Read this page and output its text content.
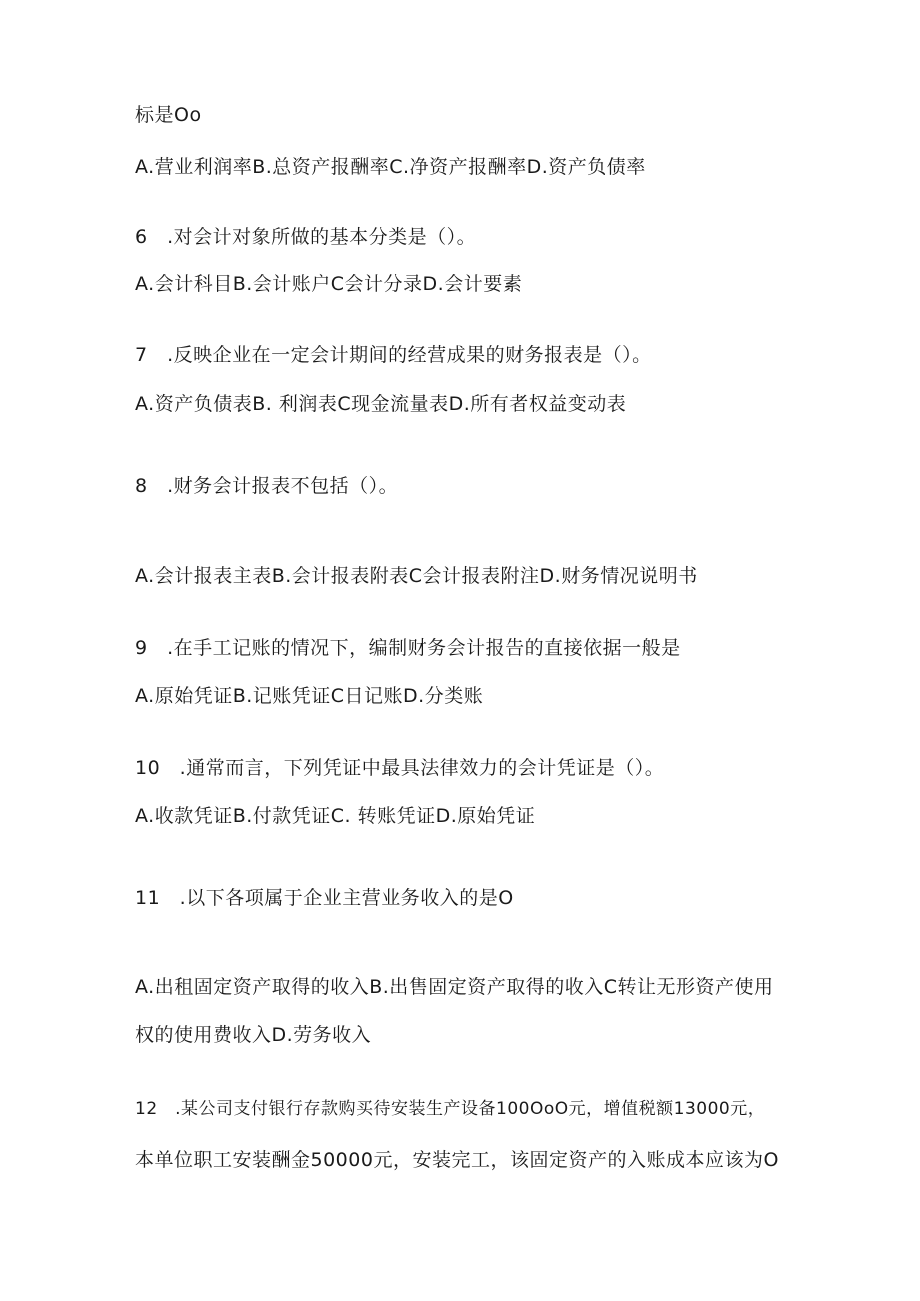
标是Oo
A.营业利润率B.总资产报酬率C.净资产报酬率D.资产负债率
6　.对会计对象所做的基本分类是（）。
A.会计科目B.会计账户C会计分录D.会计要素
7　.反映企业在一定会计期间的经营成果的财务报表是（）。
A.资产负债表B. 利润表C现金流量表D.所有者权益变动表
8　.财务会计报表不包括（）。
A.会计报表主表B.会计报表附表C会计报表附注D.财务情况说明书
9　.在手工记账的情况下，编制财务会计报告的直接依据一般是
A.原始凭证B.记账凭证C日记账D.分类账
10　.通常而言，下列凭证中最具法律效力的会计凭证是（）。
A.收款凭证B.付款凭证C. 转账凭证D.原始凭证
11　.以下各项属于企业主营业务收入的是O
A.出租固定资产取得的收入B.出售固定资产取得的收入C转让无形资产使用
权的使用费收入D.劳务收入
12　.某公司支付银行存款购买待安装生产设备100OoO元，增值税额13000元，
本单位职工安装酬金50000元，安装完工，该固定资产的入账成本应该为O
